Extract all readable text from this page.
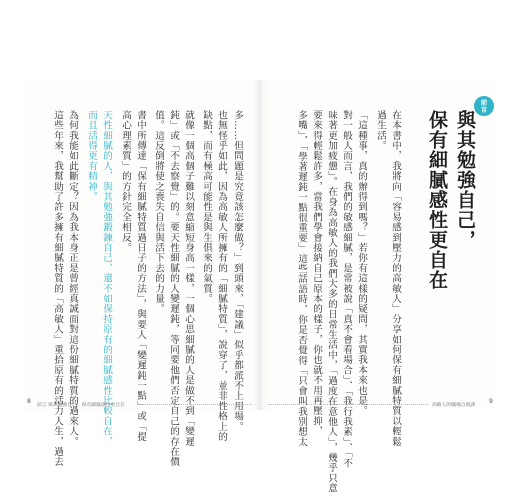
前言
與其勉強自己，
保有細膩感性更自在
在本書中，我將向「容易感到壓力的高敏人」分享如何保有細膩特質以輕鬆
過生活。
「這種事，真的辦得到嗎？」若你有這樣的疑問，其實我本來也是。
對一般人而言，我們的敏感細膩，是常被說「真不會看場合」、「我行我素」、「不
味著更加疲憊」。在身為高敏人的我們大多的日常生活中，「過度在意他人」，幾乎只意
要來得輕鬆許多，當我們學會接納自己原本的樣子，你也就不用再壓抑，
多嘴」，「學著遲鈍一點很重要」這些話語時，你是否覺得「只會叫我別想太
多……但問題是究竟該怎麼做？」到頭來，「建議」似乎都派不上用場。
也無怪乎如此，因為高敏人所擁有的「細膩特質」，說穿了，並非性格上的
缺點，而有極高可能性是與生俱來的氣質。
就像一個高個子難以刻意縮短身高一樣，一個心思細膩的人是做不到「變遲
鈍」或「不去察覺」的。要天性細膩的人變遲鈍，等同要他們否定自己的存在價
值。這反倒將使之喪失自信與活下去的力量。
書中所傳達「保有細膩特質過日子的方法」，與要人「變遲鈍一點」或「提
高心理素質」的方針完全相反。
天性細膩的人，與其勉強鍛鍊自己，還不如保持原有的細膩感性比較自在，
而且活得更有精神。
為何我能如此斷定？因為我本身正是曾經真誠面對這份細膩特質的過來人。
這些年來，我幫助了許多擁有細膩特質的「高敏人」重拾原有的活力人生，過去
8
前言 與其勉強自己，保有細膩感性更自在	高敏人的職場自救課
9
